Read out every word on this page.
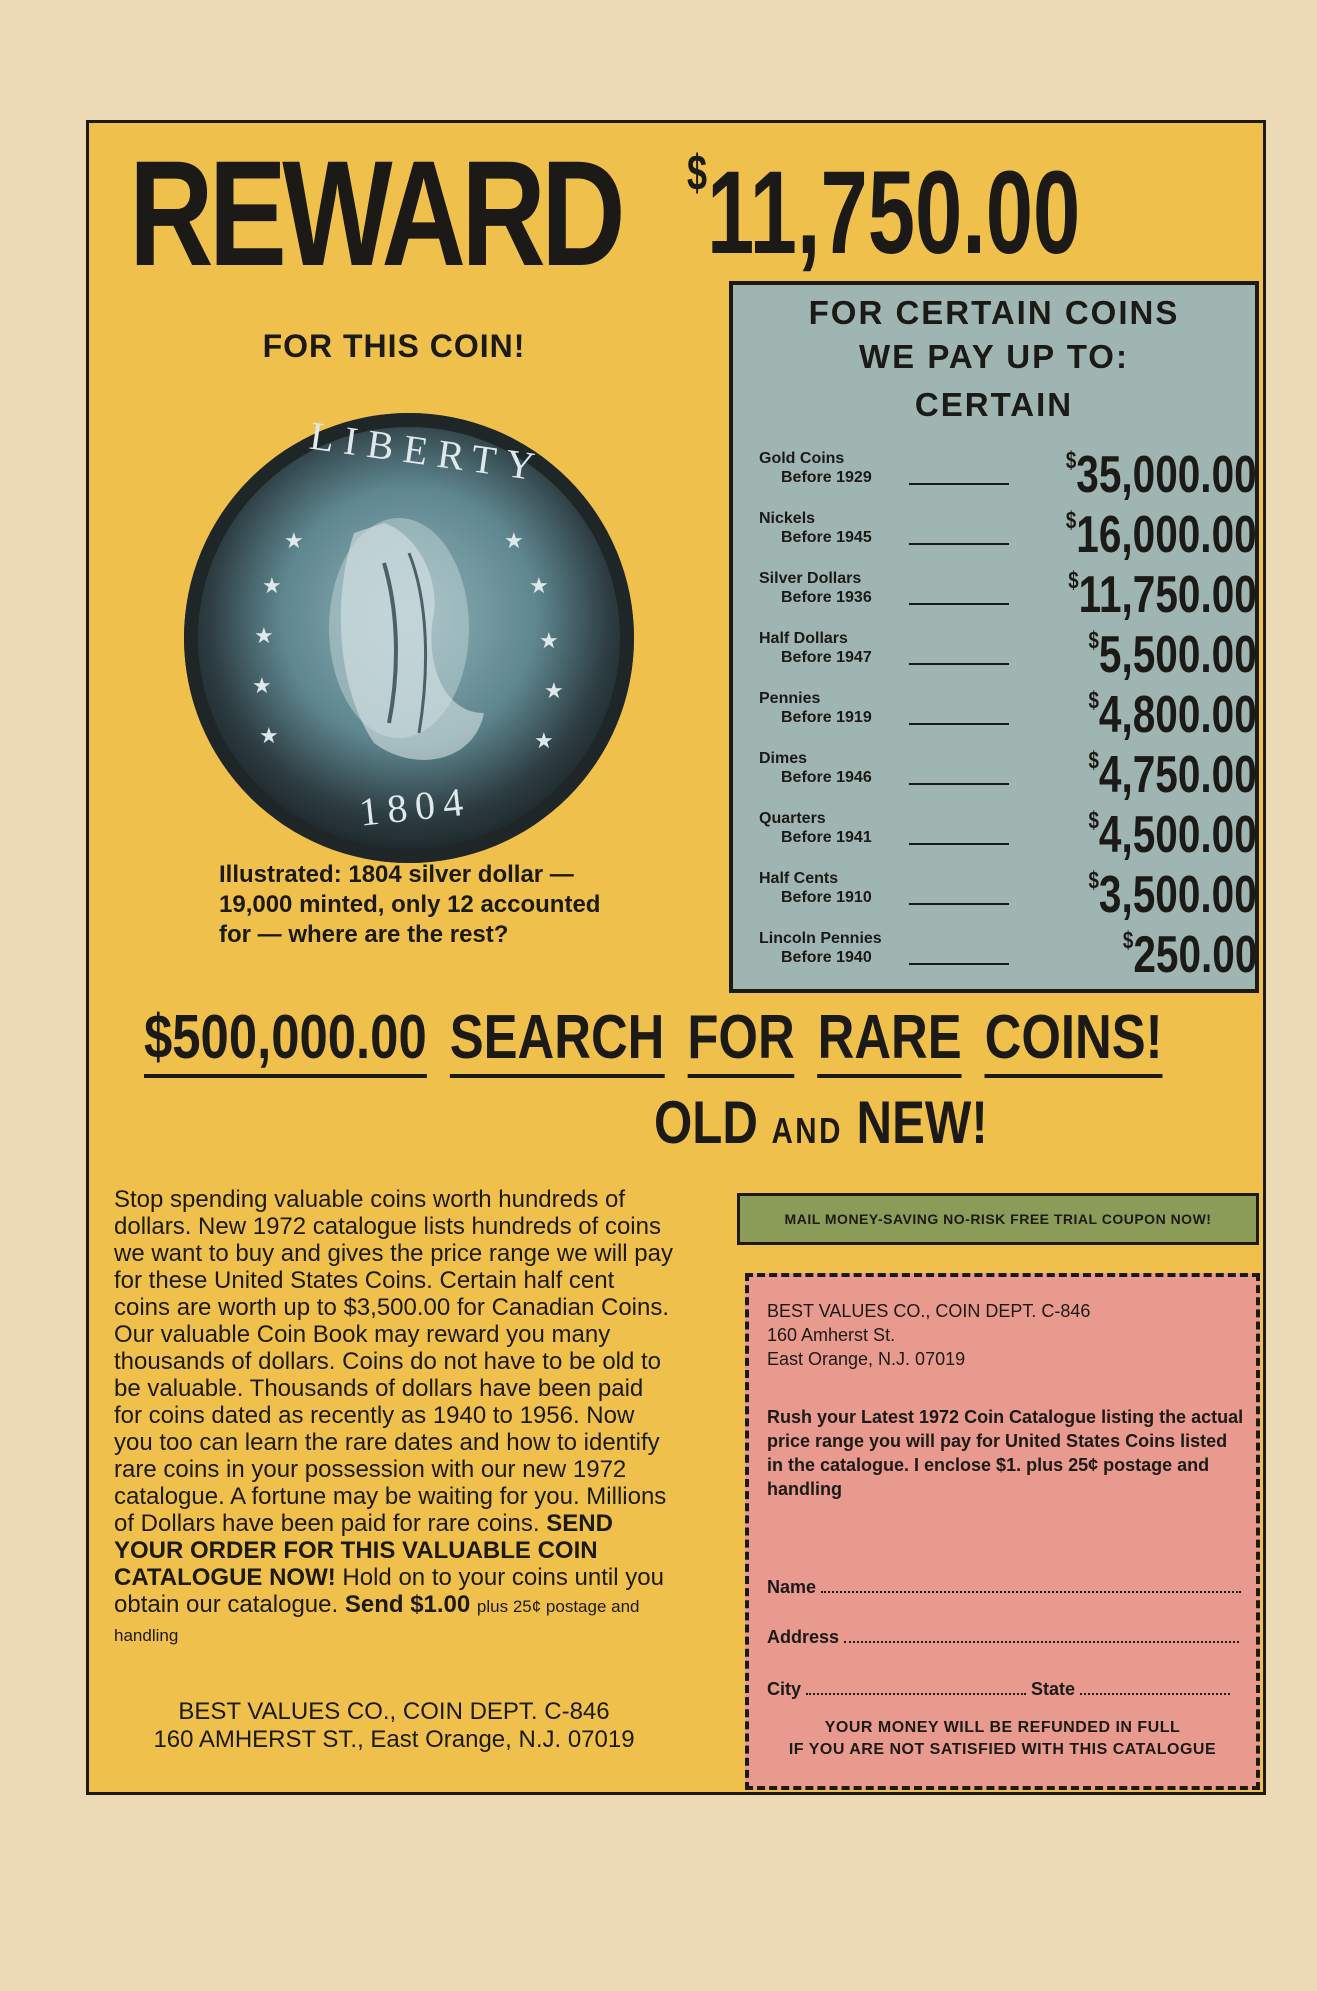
REWARD $11,750.00
FOR THIS COIN!
★
★
★
★
★
★
★
★
★
★
LIBERTY
1804
Illustrated: 1804 silver dollar — 19,000 minted, only 12 accounted for — where are the rest?
FOR CERTAIN COINS
WE PAY UP TO:
CERTAIN
Gold Coins
Before 1929
$35,000.00
Nickels
Before 1945
$16,000.00
Silver Dollars
Before 1936
$11,750.00
Half Dollars
Before 1947
$5,500.00
Pennies
Before 1919
$4,800.00
Dimes
Before 1946
$4,750.00
Quarters
Before 1941
$4,500.00
Half Cents
Before 1910
$3,500.00
Lincoln Pennies
Before 1940
$250.00
$500,000.00 SEARCH FOR RARE COINS!
OLD AND NEW!
Stop spending valuable coins worth hundreds of dollars. New 1972 catalogue lists hundreds of coins we want to buy and gives the price range we will pay for these United States Coins. Certain half cent coins are worth up to $3,500.00 for Canadian Coins. Our valuable Coin Book may reward you many thousands of dollars. Coins do not have to be old to be valuable. Thousands of dollars have been paid for coins dated as recently as 1940 to 1956. Now you too can learn the rare dates and how to identify rare coins in your possession with our new 1972 catalogue. A fortune may be waiting for you. Millions of Dollars have been paid for rare coins. SEND YOUR ORDER FOR THIS VALUABLE COIN CATALOGUE NOW! Hold on to your coins until you obtain our catalogue. Send $1.00 plus 25¢ postage and handling
BEST VALUES CO., COIN DEPT. C-846
160 AMHERST ST., East Orange, N.J. 07019
MAIL MONEY-SAVING NO-RISK FREE TRIAL COUPON NOW!
BEST VALUES CO., COIN DEPT. C-846
160 Amherst St.
East Orange, N.J. 07019
Rush your Latest 1972 Coin Catalogue listing the actual price range you will pay for United States Coins listed in the catalogue. I enclose $1. plus 25¢ postage and handling
Name
Address
City	State
YOUR MONEY WILL BE REFUNDED IN FULL
IF YOU ARE NOT SATISFIED WITH THIS CATALOGUE
